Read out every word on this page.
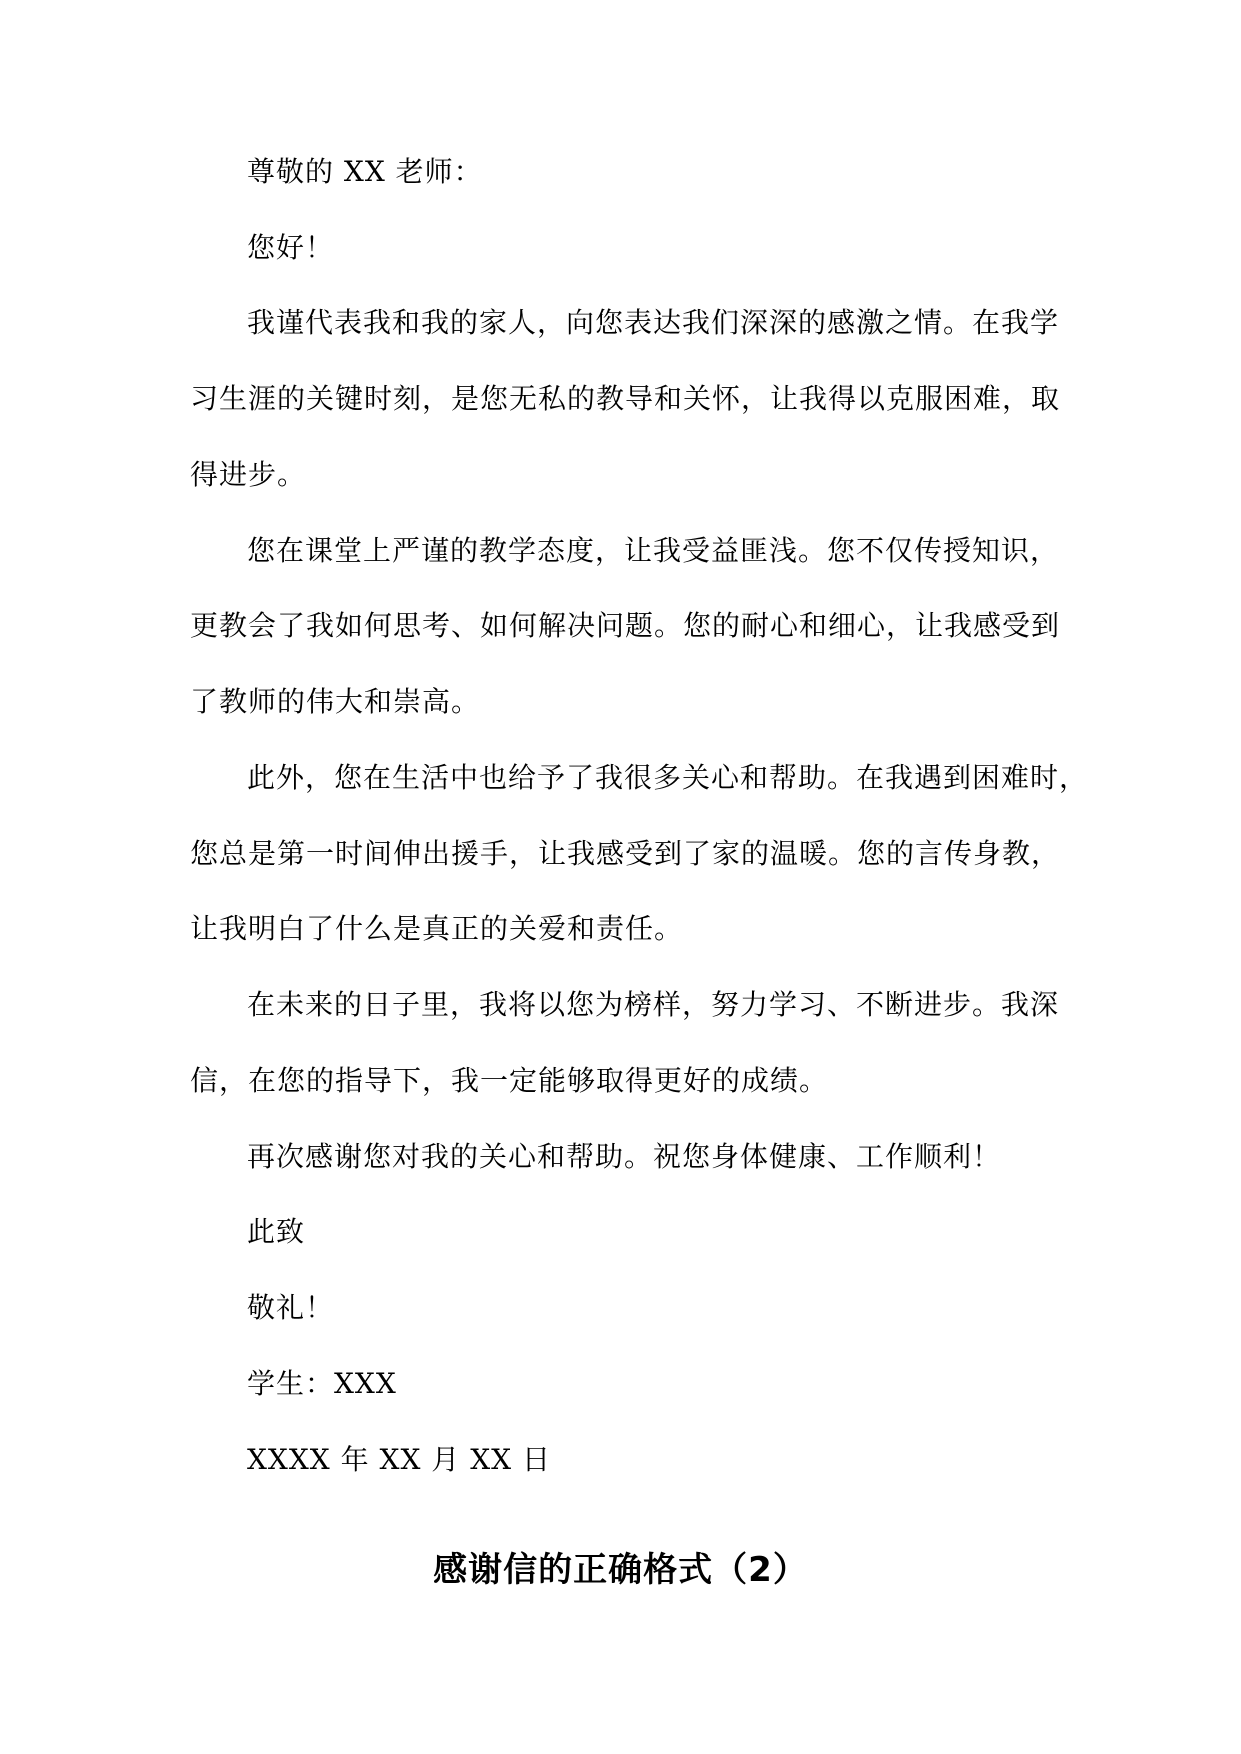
尊敬的 XX 老师：
您好！
我谨代表我和我的家人，向您表达我们深深的感激之情。在我学
习生涯的关键时刻，是您无私的教导和关怀，让我得以克服困难，取
得进步。
您在课堂上严谨的教学态度，让我受益匪浅。您不仅传授知识，
更教会了我如何思考、如何解决问题。您的耐心和细心，让我感受到
了教师的伟大和崇高。
此外，您在生活中也给予了我很多关心和帮助。在我遇到困难时，
您总是第一时间伸出援手，让我感受到了家的温暖。您的言传身教，
让我明白了什么是真正的关爱和责任。
在未来的日子里，我将以您为榜样，努力学习、不断进步。我深
信，在您的指导下，我一定能够取得更好的成绩。
再次感谢您对我的关心和帮助。祝您身体健康、工作顺利！
此致
敬礼！
学生：XXX
XXXX 年 XX 月 XX 日
感谢信的正确格式（2）
